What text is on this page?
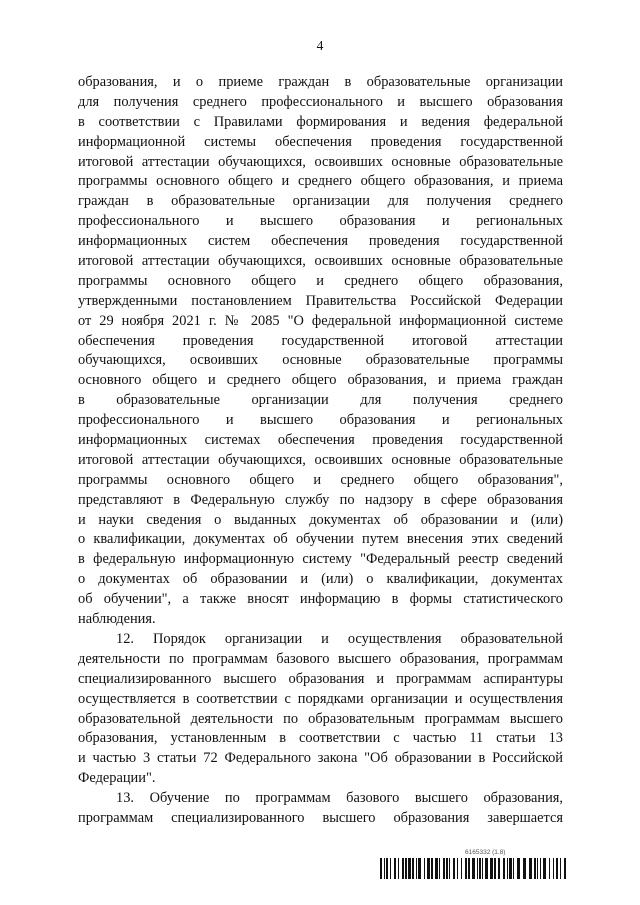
4
образования, и о приеме граждан в образовательные организации
для получения среднего профессионального и высшего образования
в соответствии с Правилами формирования и ведения федеральной
информационной системы обеспечения проведения государственной
итоговой аттестации обучающихся, освоивших основные образовательные
программы основного общего и среднего общего образования, и приема
граждан в образовательные организации для получения среднего
профессионального и высшего образования и региональных
информационных систем обеспечения проведения государственной
итоговой аттестации обучающихся, освоивших основные образовательные
программы основного общего и среднего общего образования,
утвержденными постановлением Правительства Российской Федерации
от 29 ноября 2021 г. № 2085 "О федеральной информационной системе
обеспечения проведения государственной итоговой аттестации
обучающихся, освоивших основные образовательные программы
основного общего и среднего общего образования, и приема граждан
в образовательные организации для получения среднего
профессионального и высшего образования и региональных
информационных системах обеспечения проведения государственной
итоговой аттестации обучающихся, освоивших основные образовательные
программы основного общего и среднего общего образования",
представляют в Федеральную службу по надзору в сфере образования
и науки сведения о выданных документах об образовании и (или)
о квалификации, документах об обучении путем внесения этих сведений
в федеральную информационную систему "Федеральный реестр сведений
о документах об образовании и (или) о квалификации, документах
об обучении", а также вносят информацию в формы статистического
наблюдения.
12. Порядок организации и осуществления образовательной
деятельности по программам базового высшего образования, программам
специализированного высшего образования и программам аспирантуры
осуществляется в соответствии с порядками организации и осуществления
образовательной деятельности по образовательным программам высшего
образования, установленным в соответствии с частью 11 статьи 13
и частью 3 статьи 72 Федерального закона "Об образовании в Российской
Федерации".
13. Обучение по программам базового высшего образования,
программам специализированного высшего образования завершается
6165332 (1.8)
